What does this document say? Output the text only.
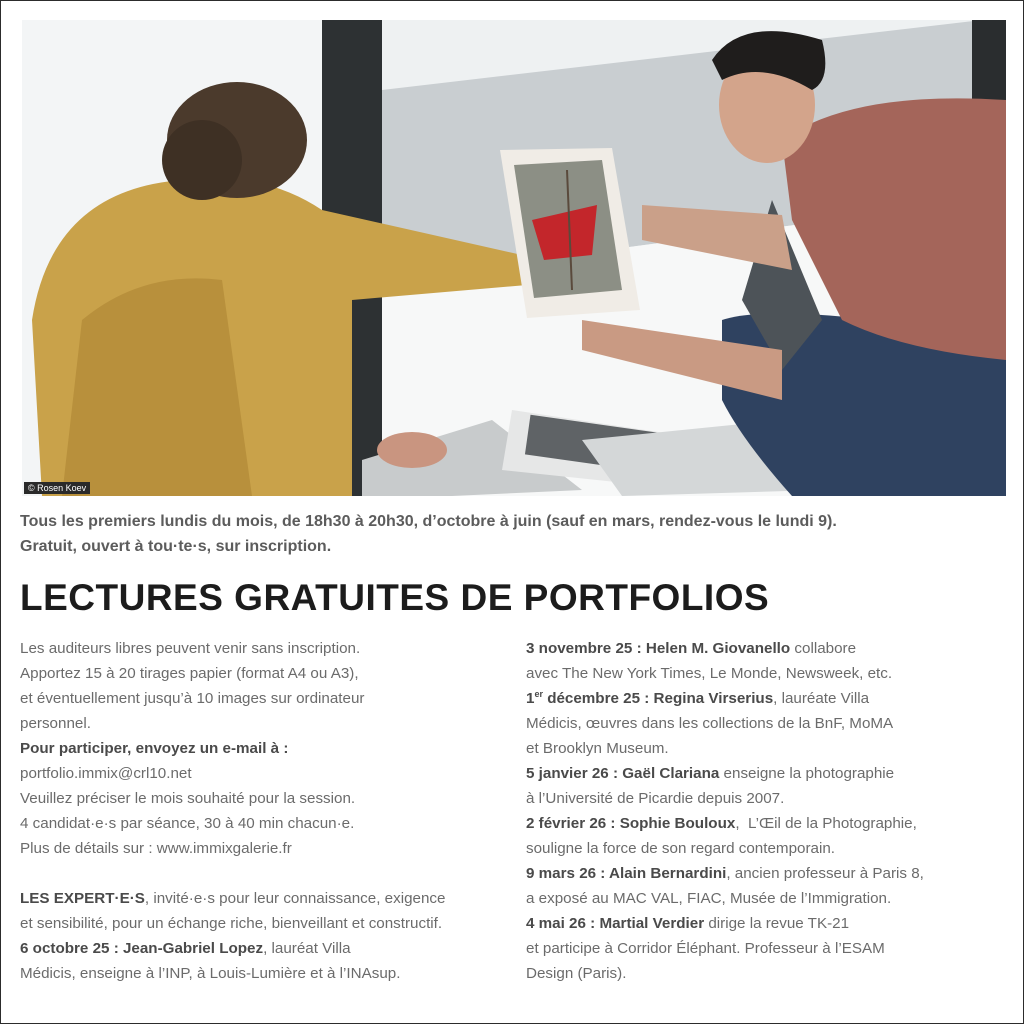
© Rosen Koev

Tous les premiers lundis du mois, de 18h30 à 20h30, d’octobre à juin (sauf en mars, rendez-vous le lundi 9).

Gratuit, ouvert à tou·te·s, sur inscription.

LECTURES GRATUITES DE PORTFOLIOS

Les auditeurs libres peuvent venir sans inscription.

Apportez 15 à 20 tirages papier (format A4 ou A3),

et éventuellement jusqu’à 10 images sur ordinateur

personnel.

Pour participer, envoyez un e-mail à :

portfolio.immix@crl10.net

Veuillez préciser le mois souhaité pour la session.

4 candidat·e·s par séance, 30 à 40 min chacun·e.

Plus de détails sur : www.immixgalerie.fr

LES EXPERT·E·S, invité·e·s pour leur connaissance, exigence

et sensibilité, pour un échange riche, bienveillant et constructif.

6 octobre 25 : Jean-Gabriel Lopez, lauréat Villa

Médicis, enseigne à l’INP, à Louis-Lumière et à l’INAsup.

3 novembre 25 : Helen M. Giovanello collabore

avec The New York Times, Le Monde, Newsweek, etc.

1er décembre 25 : Regina Virserius, lauréate Villa

Médicis, œuvres dans les collections de la BnF, MoMA

et Brooklyn Museum.

5 janvier 26 : Gaël Clariana enseigne la photographie

à l’Université de Picardie depuis 2007.

2 février 26 : Sophie Bouloux,  L’Œil de la Photographie,

souligne la force de son regard contemporain.

9 mars 26 : Alain Bernardini, ancien professeur à Paris 8,

a exposé au MAC VAL, FIAC, Musée de l’Immigration.

4 mai 26 : Martial Verdier dirige la revue TK-21

et participe à Corridor Éléphant. Professeur à l’ESAM

Design (Paris).
